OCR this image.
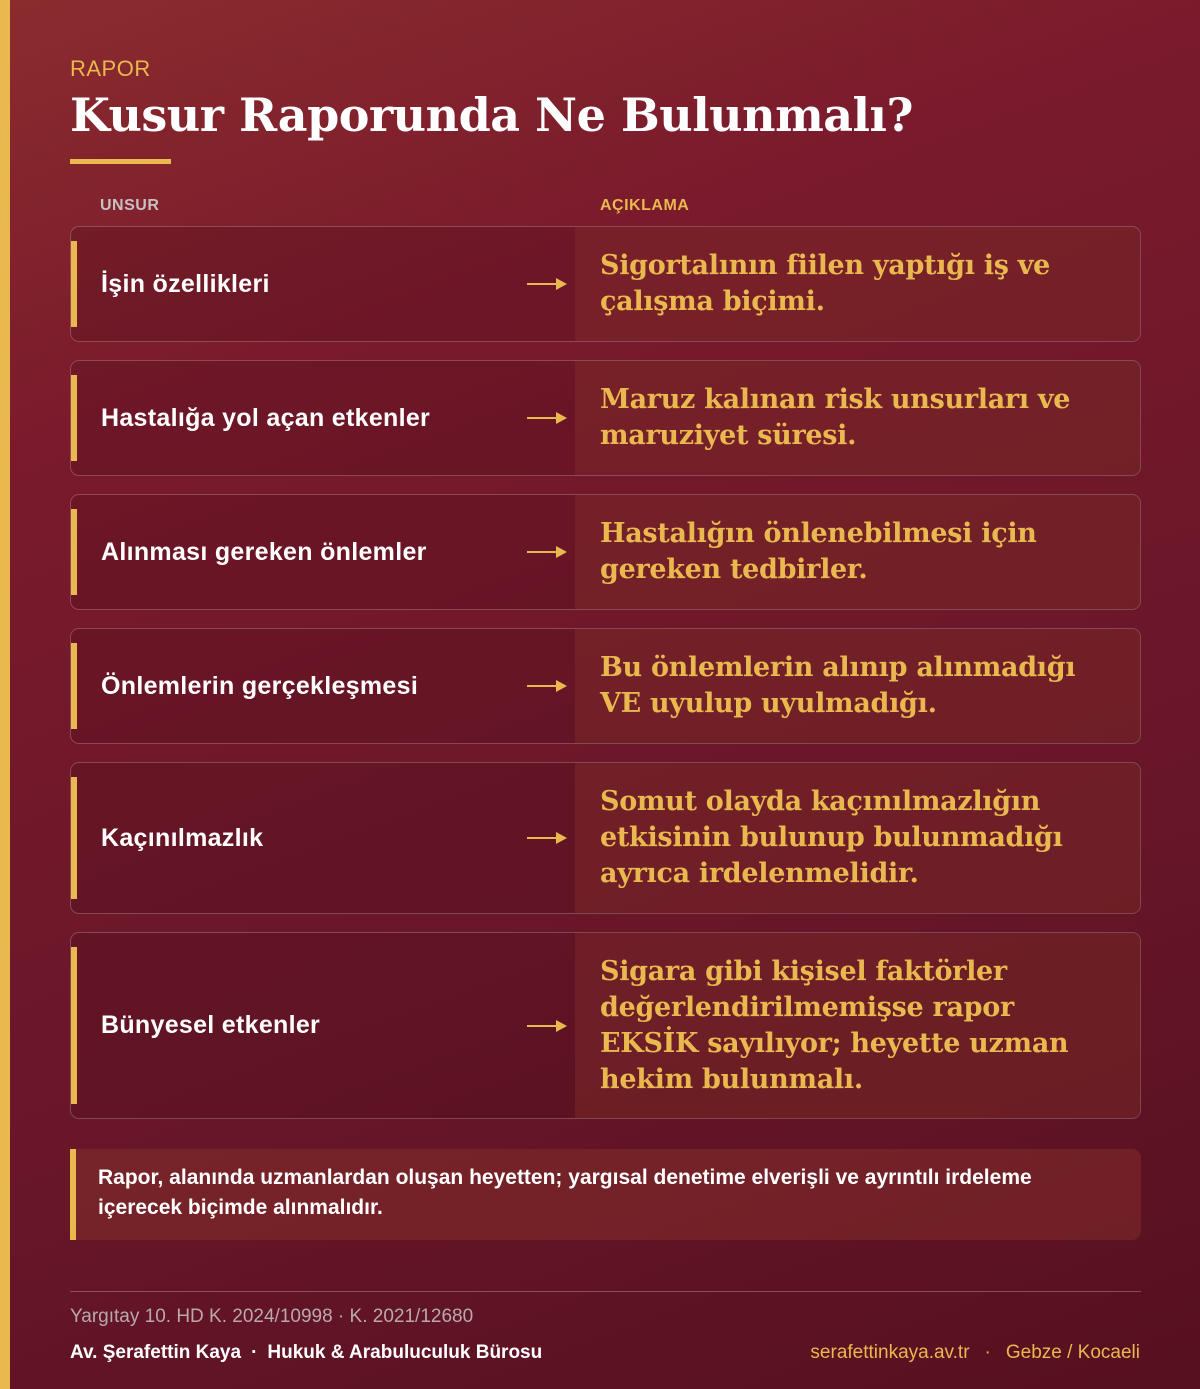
RAPOR
Kusur Raporunda Ne Bulunmalı?
UNSUR	AÇIKLAMA
İşin özellikleri
Sigortalının fiilen yaptığı iş ve çalışma biçimi.
Hastalığa yol açan etkenler
Maruz kalınan risk unsurları ve maruziyet süresi.
Alınması gereken önlemler
Hastalığın önlenebilmesi için gereken tedbirler.
Önlemlerin gerçekleşmesi
Bu önlemlerin alınıp alınmadığı VE uyulup uyulmadığı.
Kaçınılmazlık
Somut olayda kaçınılmazlığın etkisinin bulunup bulunmadığı ayrıca irdelenmelidir.
Bünyesel etkenler
Sigara gibi kişisel faktörler değerlendirilmemişse rapor EKSİK sayılıyor; heyette uzman hekim bulunmalı.
Rapor, alanında uzmanlardan oluşan heyetten; yargısal denetime elverişli ve ayrıntılı irdeleme içerecek biçimde alınmalıdır.
Yargıtay 10. HD K. 2024/10998 · K. 2021/12680
Av. Şerafettin Kaya · Hukuk & Arabuluculuk Bürosu	serafettinkaya.av.tr · Gebze / Kocaeli
